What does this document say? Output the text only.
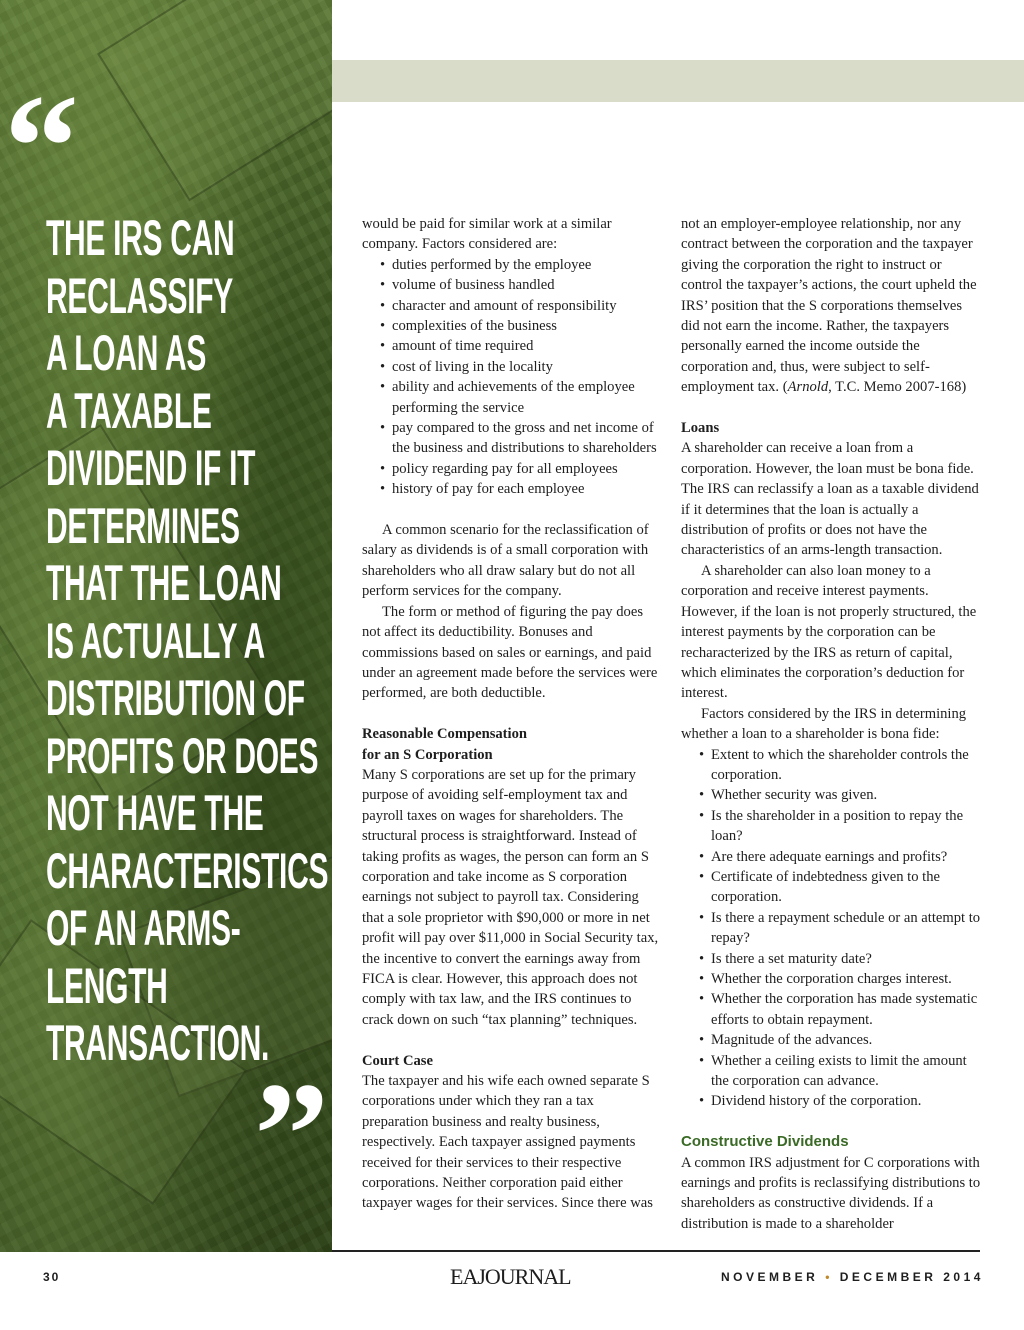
“
THE IRS CAN
RECLASSIFY
A LOAN AS
A TAXABLE
DIVIDEND IF IT
DETERMINES
THAT THE LOAN
IS ACTUALLY A
DISTRIBUTION OF
PROFITS OR DOES
NOT HAVE THE
CHARACTERISTICS
OF AN ARMS-
LENGTH
TRANSACTION.
”

would be paid for similar work at a similar company. Factors considered are:

• duties performed by the employee
• volume of business handled
• character and amount of responsibility
• complexities of the business
• amount of time required
• cost of living in the locality
• ability and achievements of the employee performing the service
• pay compared to the gross and net income of the business and distributions to shareholders
• policy regarding pay for all employees
• history of pay for each employee

A common scenario for the reclassification of salary as dividends is of a small corporation with shareholders who all draw salary but do not all perform services for the company.

The form or method of figuring the pay does not affect its deductibility. Bonuses and commissions based on sales or earnings, and paid under an agreement made before the services were performed, are both deductible.

Reasonable Compensation
for an S Corporation

Many S corporations are set up for the primary purpose of avoiding self-employment tax and payroll taxes on wages for shareholders. The structural process is straightforward. Instead of taking profits as wages, the person can form an S corporation and take income as S corporation earnings not subject to payroll tax. Considering that a sole proprietor with $90,000 or more in net profit will pay over $11,000 in Social Security tax, the incentive to convert the earnings away from FICA is clear. However, this approach does not comply with tax law, and the IRS continues to crack down on such “tax planning” techniques.

Court Case

The taxpayer and his wife each owned separate S corporations under which they ran a tax preparation business and realty business, respectively. Each taxpayer assigned payments received for their services to their respective corporations. Neither corporation paid either taxpayer wages for their services. Since there was

not an employer-employee relationship, nor any contract between the corporation and the taxpayer giving the corporation the right to instruct or control the taxpayer’s actions, the court upheld the IRS’ position that the S corporations themselves did not earn the income. Rather, the taxpayers personally earned the income outside the corporation and, thus, were subject to self-employment tax. (Arnold, T.C. Memo 2007-168)

Loans

A shareholder can receive a loan from a corporation. However, the loan must be bona fide. The IRS can reclassify a loan as a taxable dividend if it determines that the loan is actually a distribution of profits or does not have the characteristics of an arms-length transaction.

A shareholder can also loan money to a corporation and receive interest payments. However, if the loan is not properly structured, the interest payments by the corporation can be recharacterized by the IRS as return of capital, which eliminates the corporation’s deduction for interest.

Factors considered by the IRS in determining whether a loan to a shareholder is bona fide:

• Extent to which the shareholder controls the corporation.
• Whether security was given.
• Is the shareholder in a position to repay the loan?
• Are there adequate earnings and profits?
• Certificate of indebtedness given to the corporation.
• Is there a repayment schedule or an attempt to repay?
• Is there a set maturity date?
• Whether the corporation charges interest.
• Whether the corporation has made systematic efforts to obtain repayment.
• Magnitude of the advances.
• Whether a ceiling exists to limit the amount the corporation can advance.
• Dividend history of the corporation.
Constructive Dividends

A common IRS adjustment for C corporations with earnings and profits is reclassifying distributions to shareholders as constructive dividends. If a distribution is made to a shareholder

30	EAJOURNAL	NOVEMBER • DECEMBER 2014
